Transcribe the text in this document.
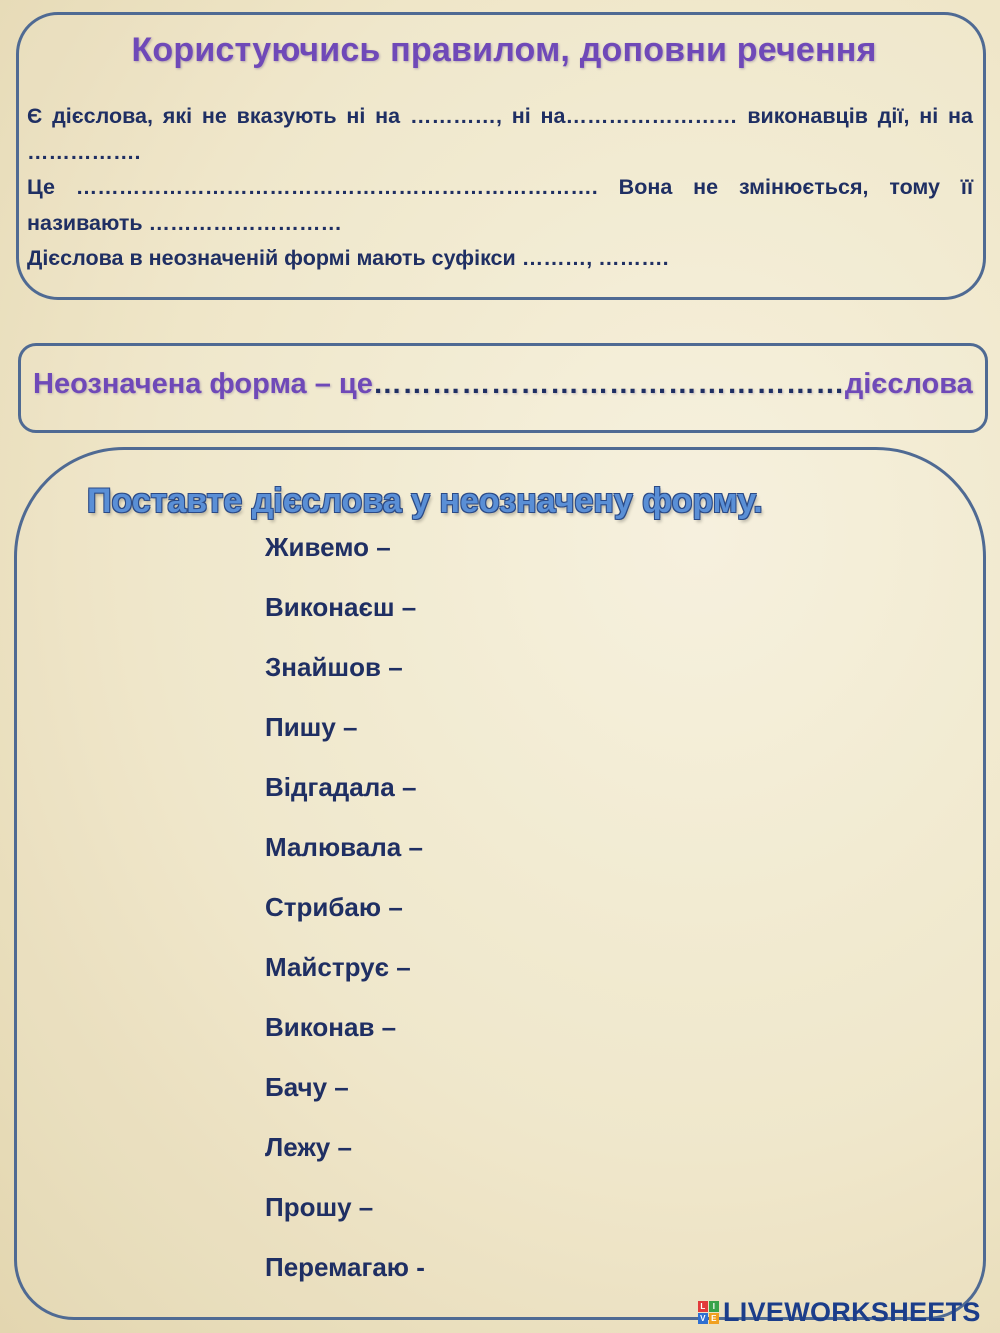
Користуючись правилом, доповни речення

Є дієслова, які не вказують ні на …………, ні на…………………… виконавців дії, ні на …………….

Це ………………………………………………………………. Вона не змінюється, тому її називають ………………………

Дієслова в неозначеній формі мають суфікси ………, ……….

Неозначена форма – це…………………………………………дієслова
Поставте дієслова у неозначену форму.
Живемо –
Виконаєш –
Знайшов –
Пишу –
Відгадала –
Малювала –
Стрибаю –
Майструє –
Виконав –
Бачу –
Лежу –
Прошу –
Перемагаю -
L I
V E LIVEWORKSHEETS
